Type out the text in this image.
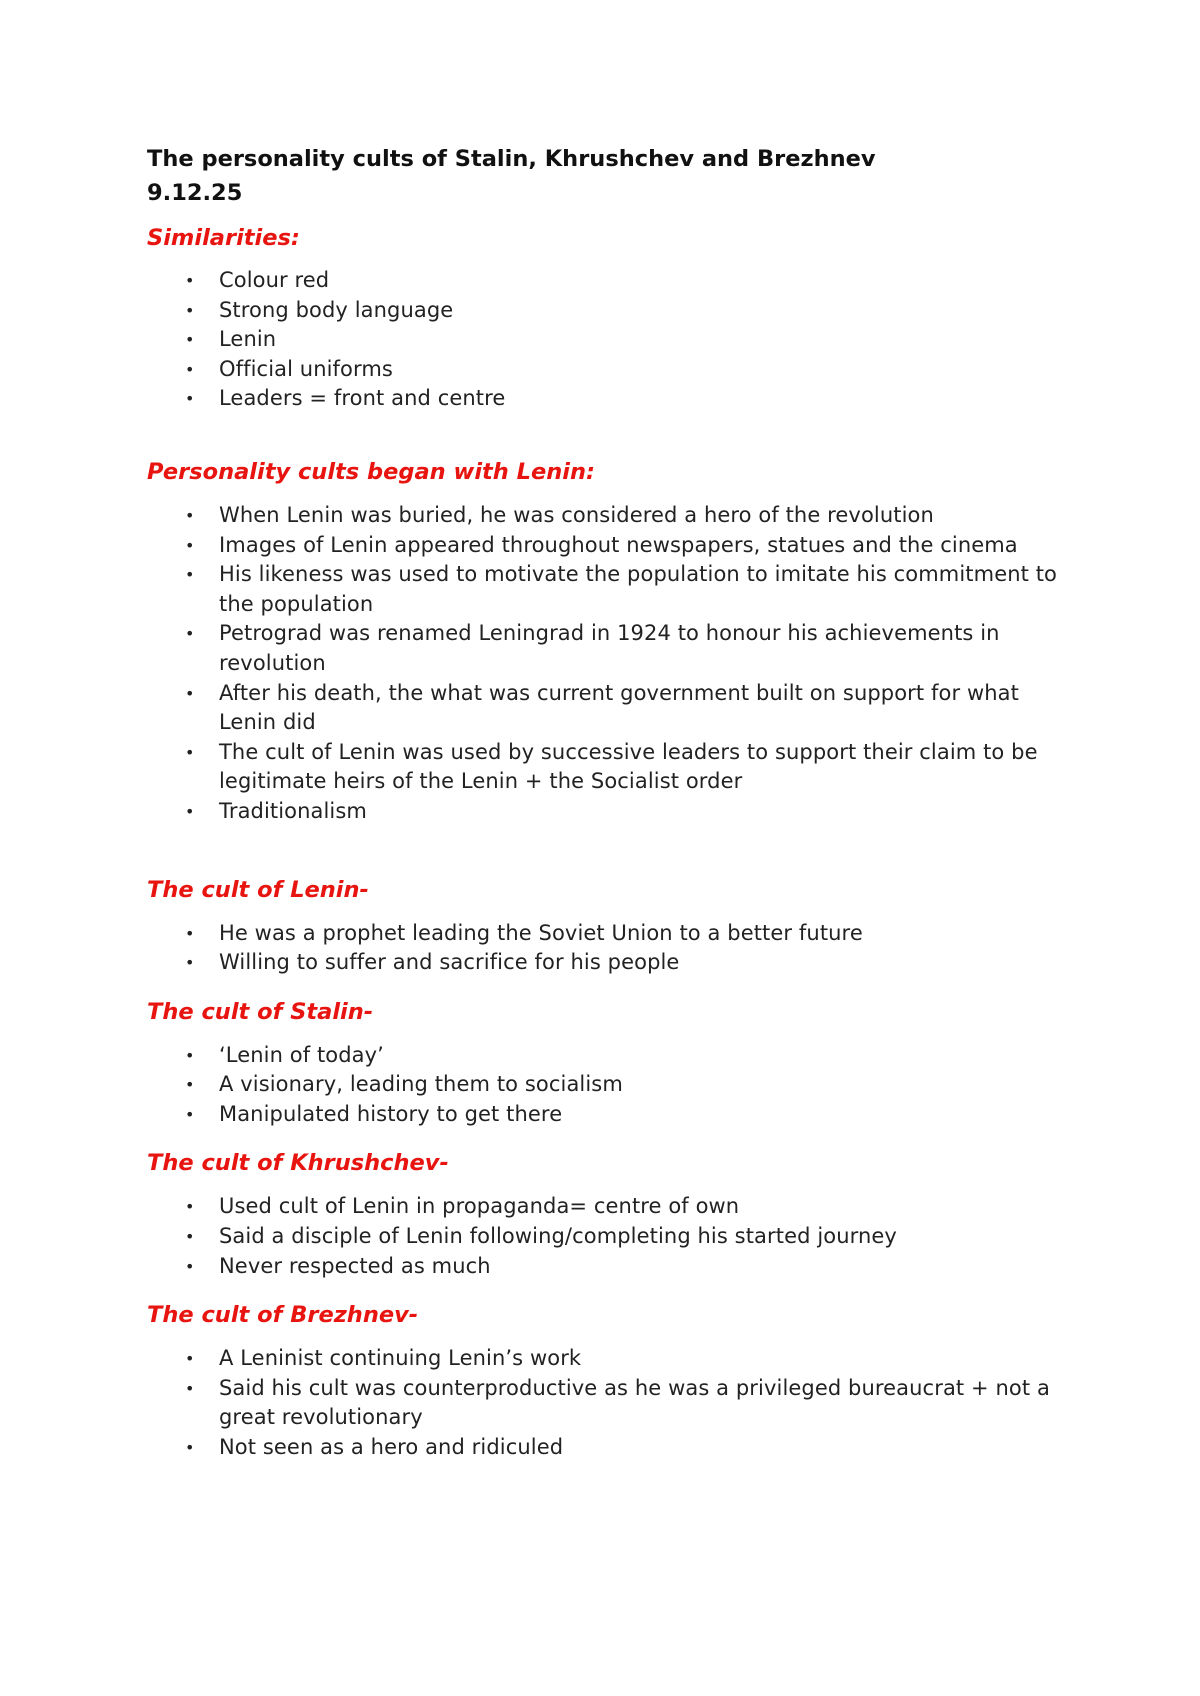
The personality cults of Stalin, Khrushchev and Brezhnev
9.12.25
Similarities:
• Colour red
• Strong body language
• Lenin
• Official uniforms
• Leaders = front and centre
Personality cults began with Lenin:
• When Lenin was buried, he was considered a hero of the revolution
• Images of Lenin appeared throughout newspapers, statues and the cinema
• His likeness was used to motivate the population to imitate his commitment to the population
• Petrograd was renamed Leningrad in 1924 to honour his achievements in revolution
• After his death, the what was current government built on support for what Lenin did
• The cult of Lenin was used by successive leaders to support their claim to be legitimate heirs of the Lenin + the Socialist order
• Traditionalism
The cult of Lenin-
• He was a prophet leading the Soviet Union to a better future
• Willing to suffer and sacrifice for his people
The cult of Stalin-
• ‘Lenin of today’
• A visionary, leading them to socialism
• Manipulated history to get there
The cult of Khrushchev-
• Used cult of Lenin in propaganda= centre of own
• Said a disciple of Lenin following/completing his started journey
• Never respected as much
The cult of Brezhnev-
• A Leninist continuing Lenin’s work
• Said his cult was counterproductive as he was a privileged bureaucrat + not a great revolutionary
• Not seen as a hero and ridiculed
